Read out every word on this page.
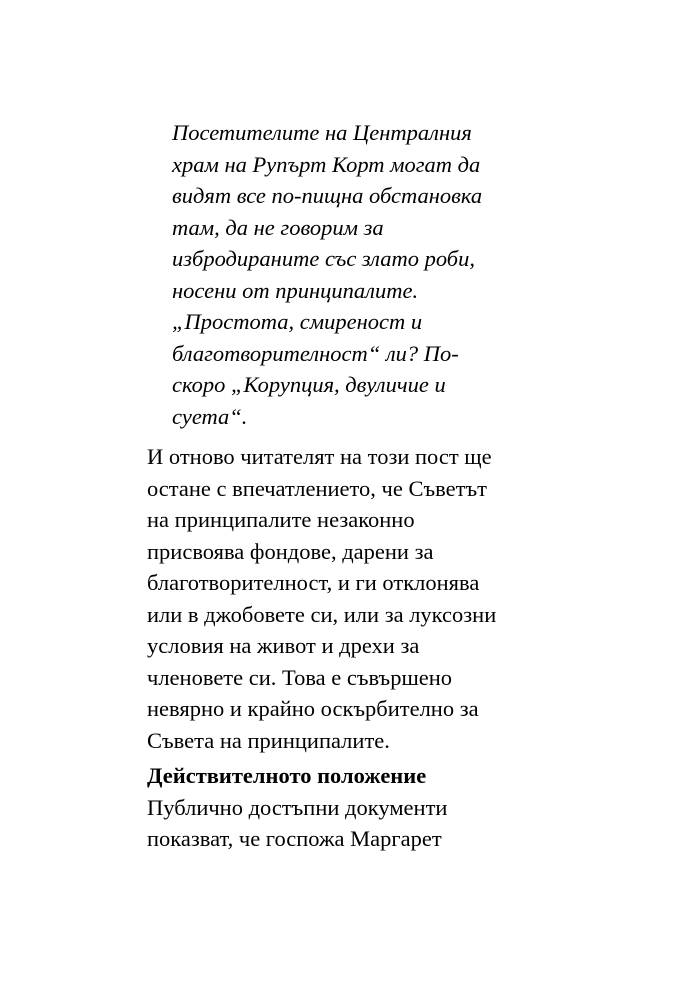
Посетителите на Централния
храм на Рупърт Корт могат да
видят все по-пищна обстановка
там, да не говорим за
избродираните със злато роби,
носени от принципалите.
„Простота, смиреност и
благотворителност“ ли? По-
скоро „Корупция, двуличие и
суета“.
И отново читателят на този пост ще
остане с впечатлението, че Съветът
на принципалите незаконно
присвоява фондове, дарени за
благотворителност, и ги отклонява
или в джобовете си, или за луксозни
условия на живот и дрехи за
членовете си. Това е съвършено
невярно и крайно оскърбително за
Съвета на принципалите.
Действителното положение
Публично достъпни документи
показват, че госпожа Маргарет
